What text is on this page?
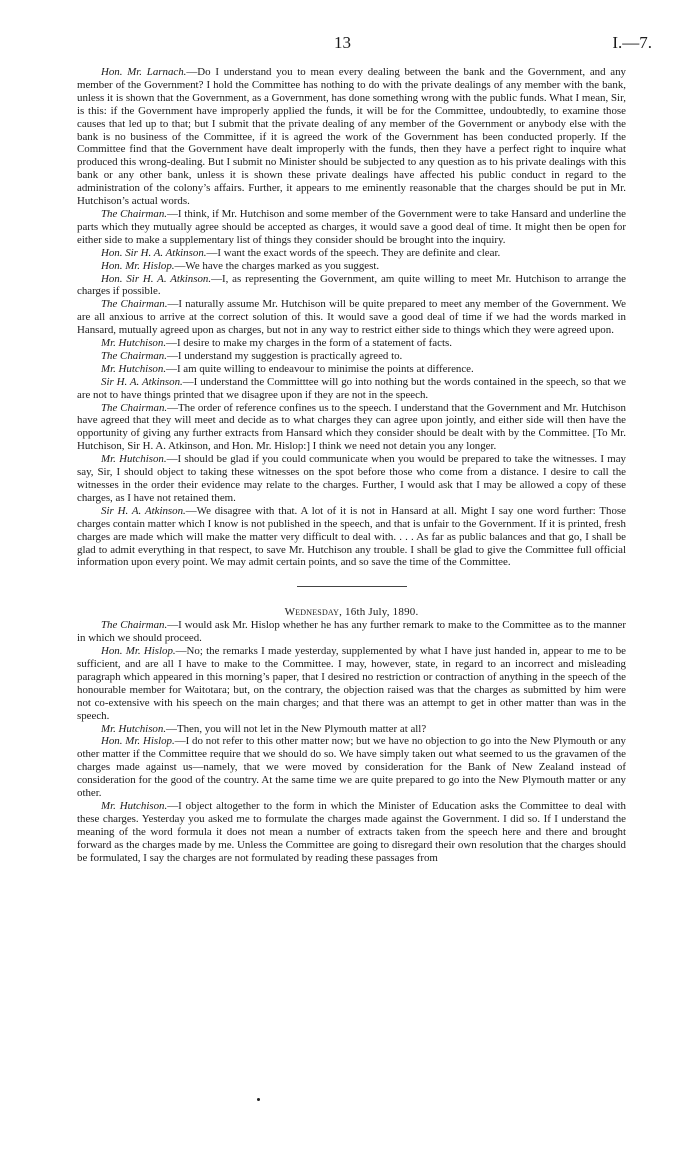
13	I.—7.

Hon. Mr. Larnach.—Do I understand you to mean every dealing between the bank and the Government, and any member of the Government? I hold the Committee has nothing to do with the private dealings of any member with the bank, unless it is shown that the Government, as a Government, has done something wrong with the public funds. What I mean, Sir, is this: if the Government have improperly applied the funds, it will be for the Committee, undoubtedly, to examine those causes that led up to that; but I submit that the private dealing of any member of the Government or anybody else with the bank is no business of the Committee, if it is agreed the work of the Government has been conducted properly. If the Committee find that the Government have dealt improperly with the funds, then they have a perfect right to inquire what produced this wrong-dealing. But I submit no Minister should be subjected to any question as to his private dealings with this bank or any other bank, unless it is shown these private dealings have affected his public conduct in regard to the administration of the colony’s affairs. Further, it appears to me eminently reasonable that the charges should be put in Mr. Hutchison’s actual words.

The Chairman.—I think, if Mr. Hutchison and some member of the Government were to take Hansard and underline the parts which they mutually agree should be accepted as charges, it would save a good deal of time. It might then be open for either side to make a supplementary list of things they consider should be brought into the inquiry.

Hon. Sir H. A. Atkinson.—I want the exact words of the speech. They are definite and clear.

Hon. Mr. Hislop.—We have the charges marked as you suggest.

Hon. Sir H. A. Atkinson.—I, as representing the Government, am quite willing to meet Mr. Hutchison to arrange the charges if possible.

The Chairman.—I naturally assume Mr. Hutchison will be quite prepared to meet any member of the Government. We are all anxious to arrive at the correct solution of this. It would save a good deal of time if we had the words marked in Hansard, mutually agreed upon as charges, but not in any way to restrict either side to things which they were agreed upon.

Mr. Hutchison.—I desire to make my charges in the form of a statement of facts.

The Chairman.—I understand my suggestion is practically agreed to.

Mr. Hutchison.—I am quite willing to endeavour to minimise the points at difference.

Sir H. A. Atkinson.—I understand the Committtee will go into nothing but the words contained in the speech, so that we are not to have things printed that we disagree upon if they are not in the speech.

The Chairman.—The order of reference confines us to the speech. I understand that the Government and Mr. Hutchison have agreed that they will meet and decide as to what charges they can agree upon jointly, and either side will then have the opportunity of giving any further extracts from Hansard which they consider should be dealt with by the Committee. [To Mr. Hutchison, Sir H. A. Atkinson, and Hon. Mr. Hislop:] I think we need not detain you any longer.

Mr. Hutchison.—I should be glad if you could communicate when you would be prepared to take the witnesses. I may say, Sir, I should object to taking these witnesses on the spot before those who come from a distance. I desire to call the witnesses in the order their evidence may relate to the charges. Further, I would ask that I may be allowed a copy of these charges, as I have not retained them.

Sir H. A. Atkinson.—We disagree with that. A lot of it is not in Hansard at all. Might I say one word further: Those charges contain matter which I know is not published in the speech, and that is unfair to the Government. If it is printed, fresh charges are made which will make the matter very difficult to deal with. . . . As far as public balances and that go, I shall be glad to admit everything in that respect, to save Mr. Hutchison any trouble. I shall be glad to give the Committee full official information upon every point. We may admit certain points, and so save the time of the Committee.

Wednesday, 16th July, 1890.

The Chairman.—I would ask Mr. Hislop whether he has any further remark to make to the Committee as to the manner in which we should proceed.

Hon. Mr. Hislop.—No; the remarks I made yesterday, supplemented by what I have just handed in, appear to me to be sufficient, and are all I have to make to the Committee. I may, however, state, in regard to an incorrect and misleading paragraph which appeared in this morning’s paper, that I desired no restriction or contraction of anything in the speech of the honourable member for Waitotara; but, on the contrary, the objection raised was that the charges as submitted by him were not co-extensive with his speech on the main charges; and that there was an attempt to get in other matter than was in the speech.

Mr. Hutchison.—Then, you will not let in the New Plymouth matter at all?

Hon. Mr. Hislop.—I do not refer to this other matter now; but we have no objection to go into the New Plymouth or any other matter if the Committee require that we should do so. We have simply taken out what seemed to us the gravamen of the charges made against us—namely, that we were moved by consideration for the Bank of New Zealand instead of consideration for the good of the country. At the same time we are quite prepared to go into the New Plymouth matter or any other.

Mr. Hutchison.—I object altogether to the form in which the Minister of Education asks the Committee to deal with these charges. Yesterday you asked me to formulate the charges made against the Government. I did so. If I understand the meaning of the word formula it does not mean a number of extracts taken from the speech here and there and brought forward as the charges made by me. Unless the Committee are going to disregard their own resolution that the charges should be formulated, I say the charges are not formulated by reading these passages from
